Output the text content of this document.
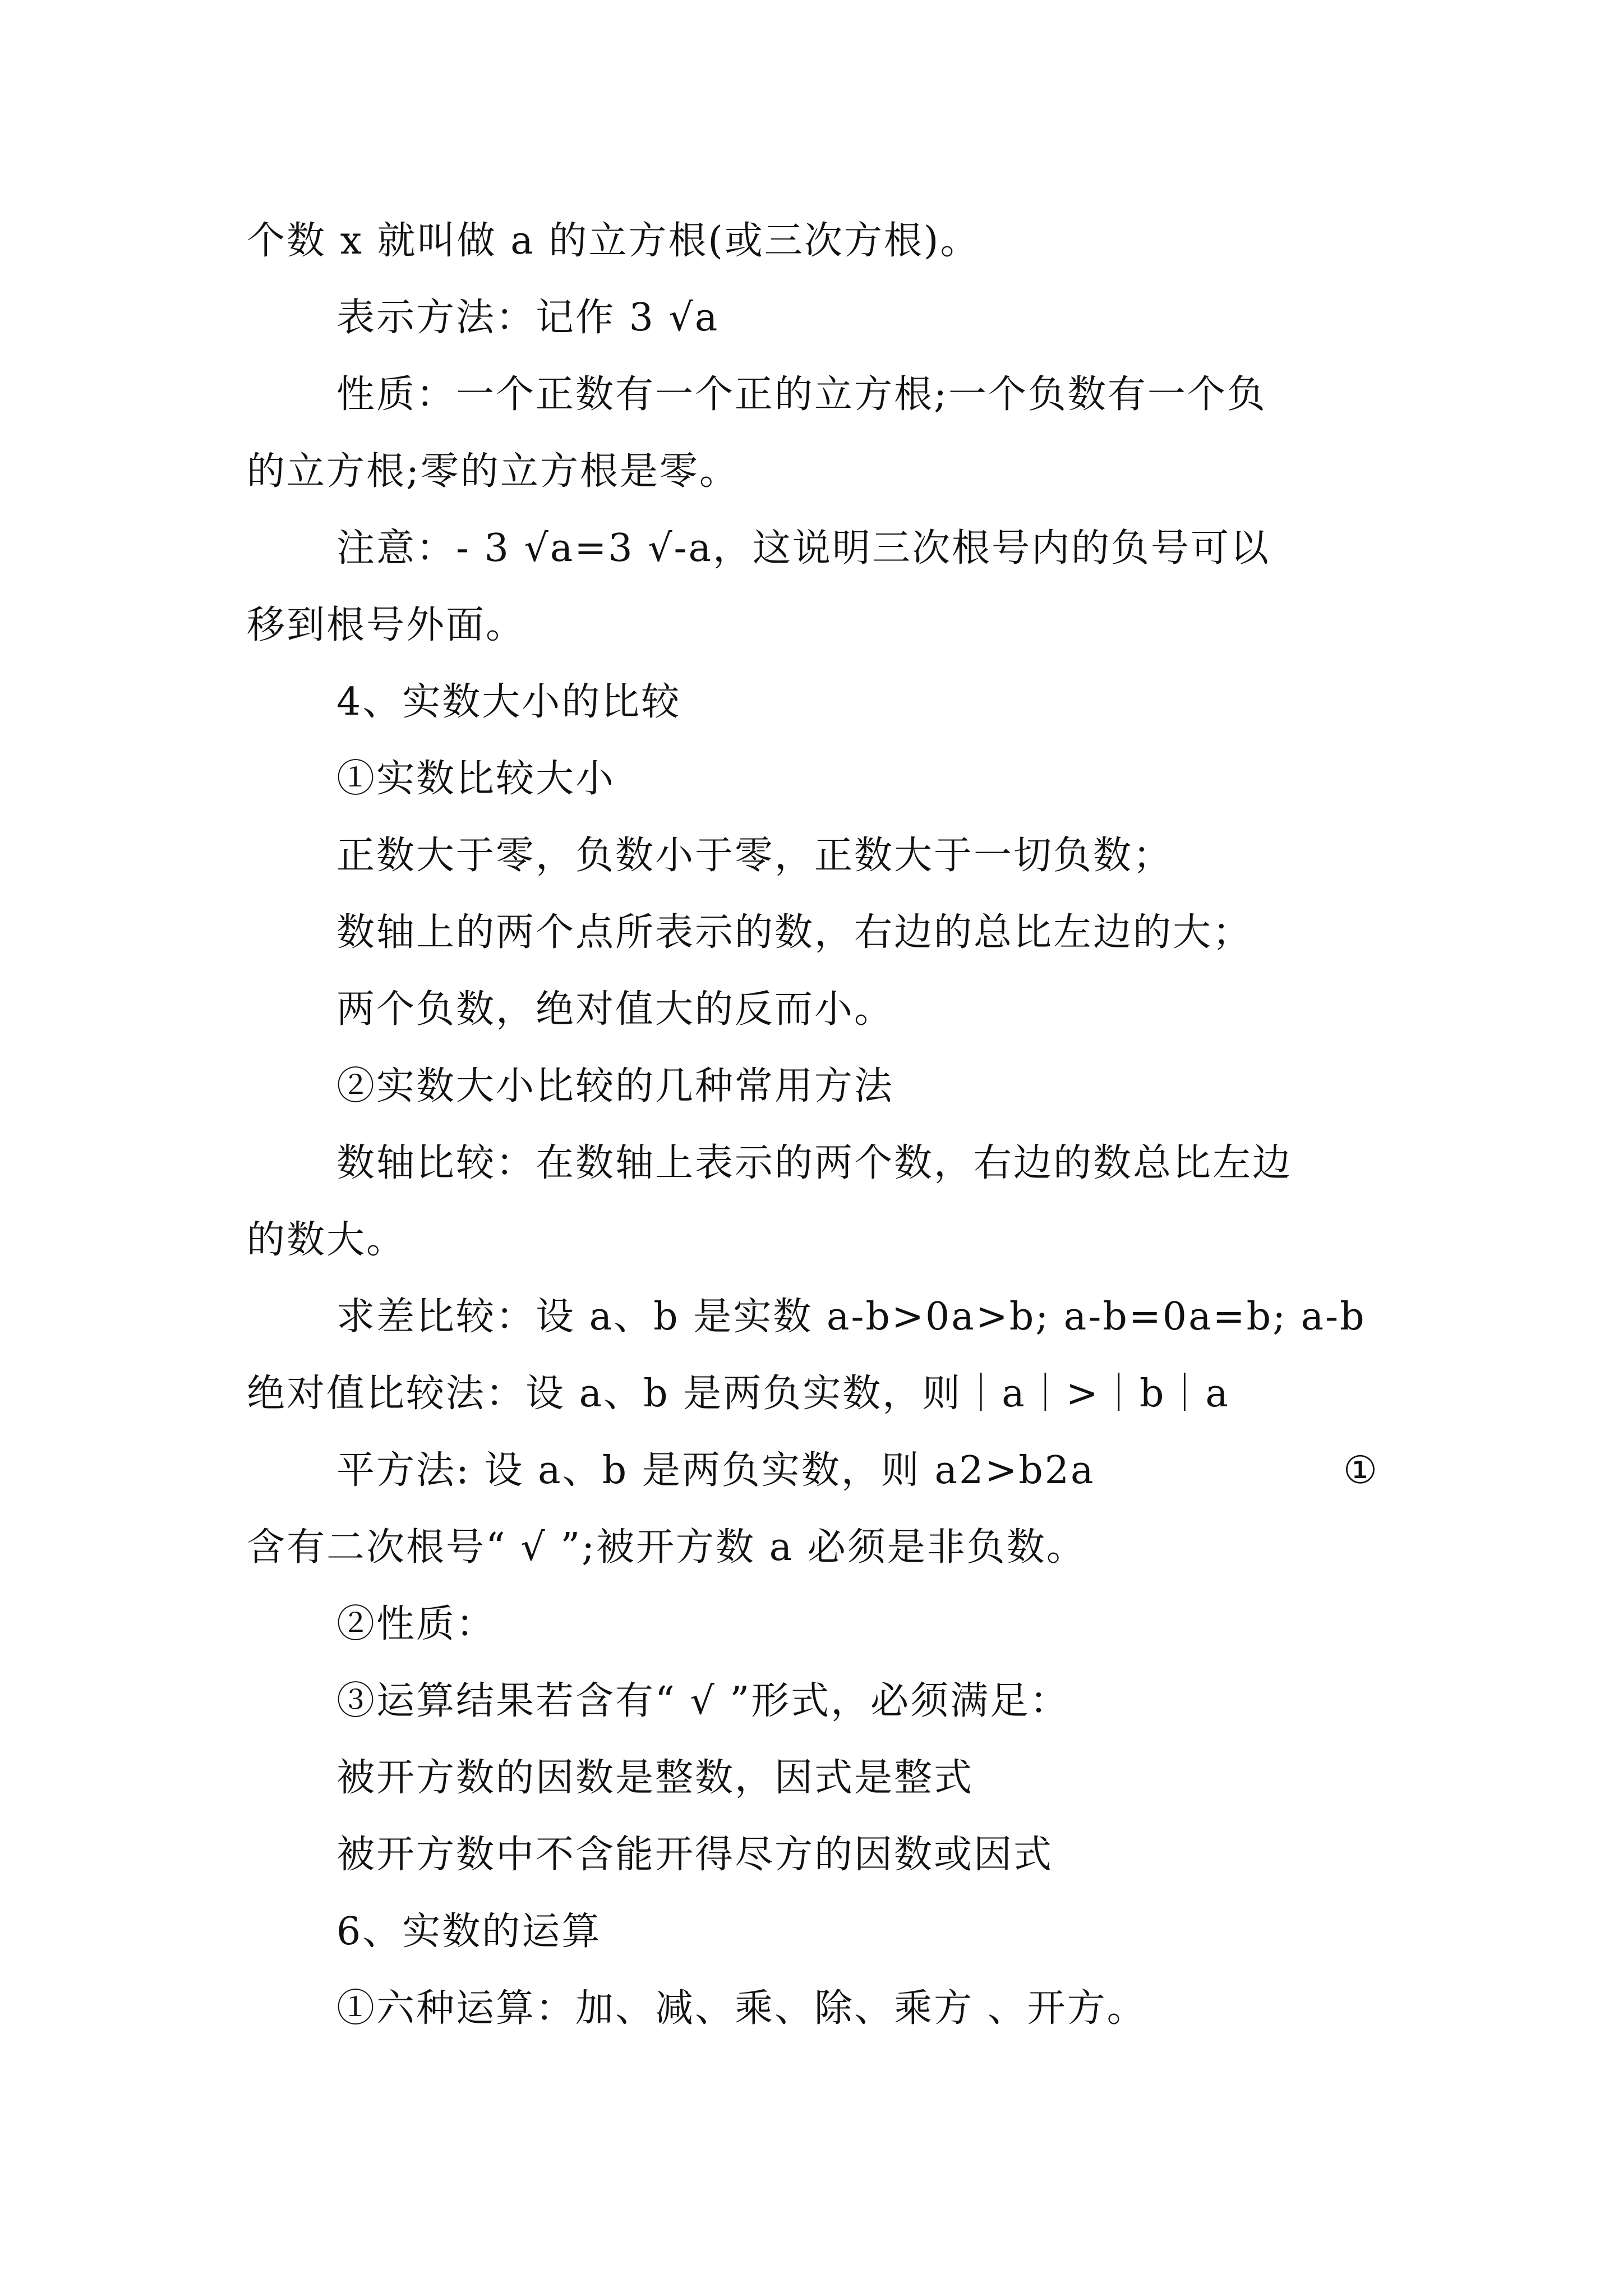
个数 x 就叫做 a 的立方根(或三次方根)。
表示方法：记作 3 √a
性质：一个正数有一个正的立方根;一个负数有一个负
的立方根;零的立方根是零。
注意：- 3 √a=3 √-a，这说明三次根号内的负号可以
移到根号外面。
4、实数大小的比较
①实数比较大小
正数大于零，负数小于零，正数大于一切负数；
数轴上的两个点所表示的数，右边的总比左边的大；
两个负数，绝对值大的反而小。
②实数大小比较的几种常用方法
数轴比较：在数轴上表示的两个数，右边的数总比左边
的数大。
求差比较：设 a、b 是实数 a-b>0a>b; a-b=0a=b; a-b
绝对值比较法：设 a、b 是两负实数，则｜a｜>｜b｜a
平方法: 设 a、b 是两负实数，则 a2>b2a	①
含有二次根号“ √ ”;被开方数 a 必须是非负数。
②性质：
③运算结果若含有“ √ ”形式，必须满足：
被开方数的因数是整数，因式是整式
被开方数中不含能开得尽方的因数或因式
6、实数的运算
①六种运算：加、减、乘、除、乘方 、开方。
